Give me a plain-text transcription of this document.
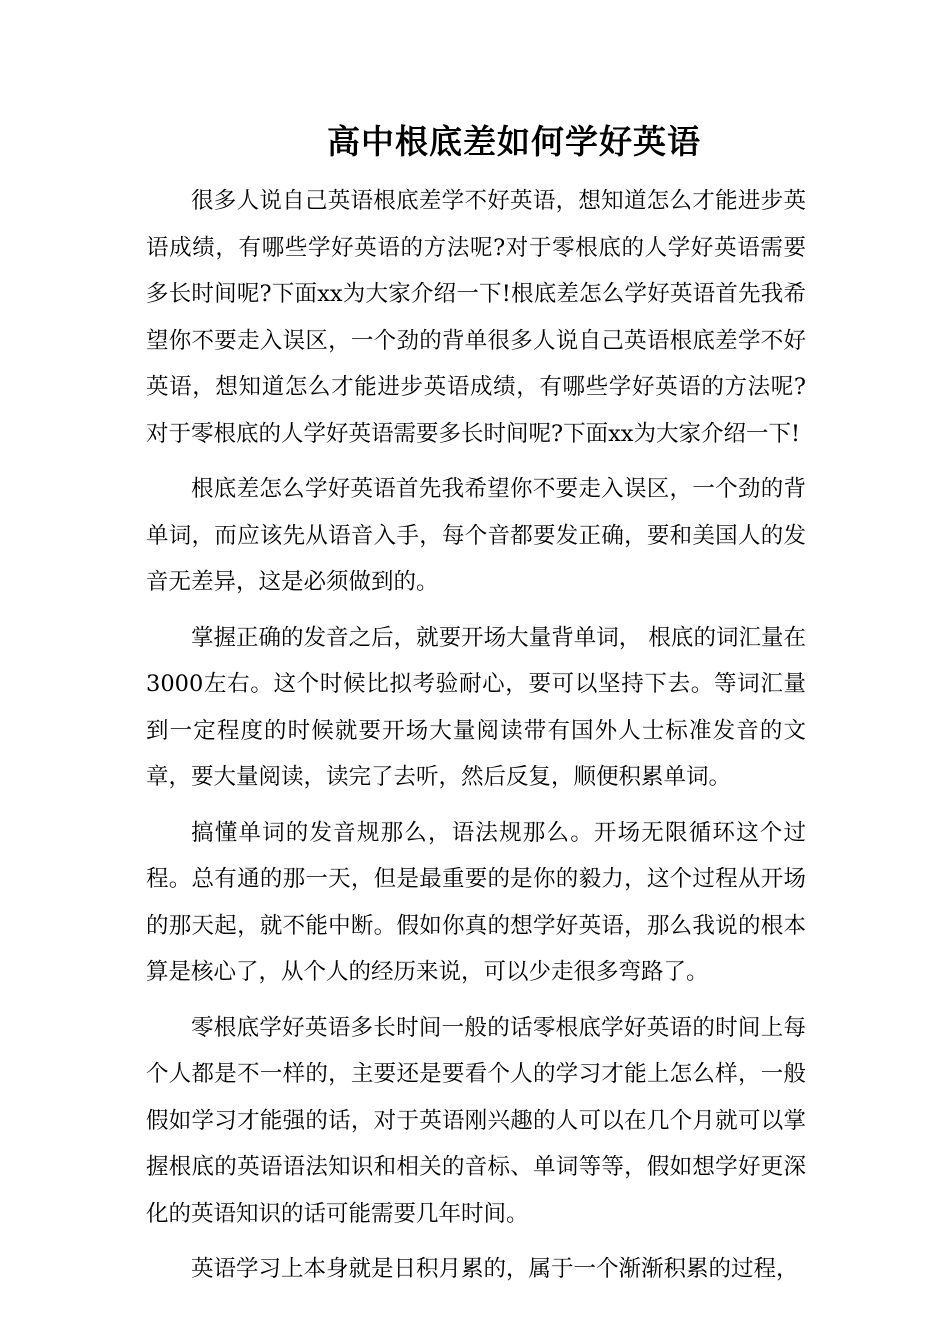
高中根底差如何学好英语

很多人说自己英语根底差学不好英语，想知道怎么才能进步英语成绩，有哪些学好英语的方法呢?对于零根底的人学好英语需要多长时间呢?下面xx为大家介绍一下!根底差怎么学好英语首先我希望你不要走入误区，一个劲的背单很多人说自己英语根底差学不好英语，想知道怎么才能进步英语成绩，有哪些学好英语的方法呢?对于零根底的人学好英语需要多长时间呢?下面xx为大家介绍一下!

根底差怎么学好英语首先我希望你不要走入误区，一个劲的背单词，而应该先从语音入手，每个音都要发正确，要和美国人的发音无差异，这是必须做到的。

掌握正确的发音之后，就要开场大量背单词， 根底的词汇量在3000左右。这个时候比拟考验耐心，要可以坚持下去。等词汇量到一定程度的时候就要开场大量阅读带有国外人士标准发音的文章，要大量阅读，读完了去听，然后反复，顺便积累单词。

搞懂单词的发音规那么，语法规那么。开场无限循环这个过程。总有通的那一天，但是最重要的是你的毅力，这个过程从开场的那天起，就不能中断。假如你真的想学好英语，那么我说的根本算是核心了，从个人的经历来说，可以少走很多弯路了。

零根底学好英语多长时间一般的话零根底学好英语的时间上每个人都是不一样的，主要还是要看个人的学习才能上怎么样，一般假如学习才能强的话，对于英语刚兴趣的人可以在几个月就可以掌握根底的英语语法知识和相关的音标、单词等等，假如想学好更深化的英语知识的话可能需要几年时间。

英语学习上本身就是日积月累的，属于一个渐渐积累的过程，
